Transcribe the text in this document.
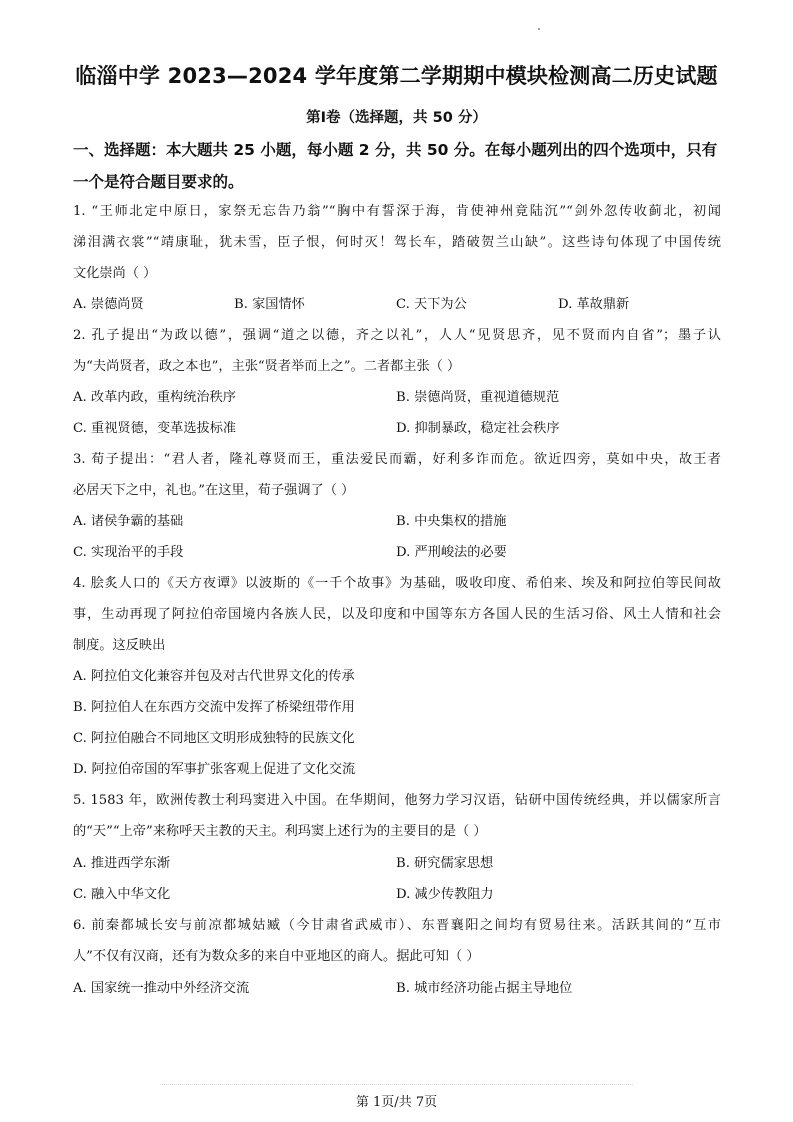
临淄中学 2023—2024 学年度第二学期期中模块检测高二历史试题
第Ⅰ卷（选择题，共 50 分）
一、选择题：本大题共 25 小题，每小题 2 分，共 50 分。在每小题列出的四个选项中，只有
一个是符合题目要求的。
1. “王师北定中原日，家祭无忘告乃翁”“胸中有誓深于海，肯使神州竟陆沉”“剑外忽传收蓟北，初闻
涕泪满衣裳”“靖康耻，犹未雪，臣子恨，何时灭！驾长车，踏破贺兰山缺”。这些诗句体现了中国传统
文化崇尚（ ）
A. 崇德尚贤	B. 家国情怀	C. 天下为公	D. 革故鼎新
2. 孔子提出“为政以德”，强调“道之以德，齐之以礼”，人人“见贤思齐，见不贤而内自省”；墨子认
为“夫尚贤者，政之本也”，主张“贤者举而上之”。二者都主张（ ）
A. 改革内政，重构统治秩序	B. 崇德尚贤，重视道德规范
C. 重视贤德，变革选拔标准	D. 抑制暴政，稳定社会秩序
3. 荀子提出：“君人者，隆礼尊贤而王，重法爱民而霸，好利多诈而危。欲近四旁，莫如中央，故王者
必居天下之中，礼也。”在这里，荀子强调了（ ）
A. 诸侯争霸的基础	B. 中央集权的措施
C. 实现治平的手段	D. 严刑峻法的必要
4. 脍炙人口的《天方夜谭》以波斯的《一千个故事》为基础，吸收印度、希伯来、埃及和阿拉伯等民间故
事，生动再现了阿拉伯帝国境内各族人民，以及印度和中国等东方各国人民的生活习俗、风土人情和社会
制度。这反映出
A. 阿拉伯文化兼容并包及对古代世界文化的传承
B. 阿拉伯人在东西方交流中发挥了桥梁纽带作用
C. 阿拉伯融合不同地区文明形成独特的民族文化
D. 阿拉伯帝国的军事扩张客观上促进了文化交流
5. 1583 年，欧洲传教士利玛窦进入中国。在华期间，他努力学习汉语，钻研中国传统经典，并以儒家所言
的“天”“上帝”来称呼天主教的天主。利玛窦上述行为的主要目的是（ ）
A. 推进西学东渐	B. 研究儒家思想
C. 融入中华文化	D. 减少传教阻力
6. 前秦都城长安与前凉都城姑臧（今甘肃省武威市）、东晋襄阳之间均有贸易往来。活跃其间的“互市
人”不仅有汉商，还有为数众多的来自中亚地区的商人。据此可知（ ）
A. 国家统一推动中外经济交流	B. 城市经济功能占据主导地位
第 1页/共 7页
